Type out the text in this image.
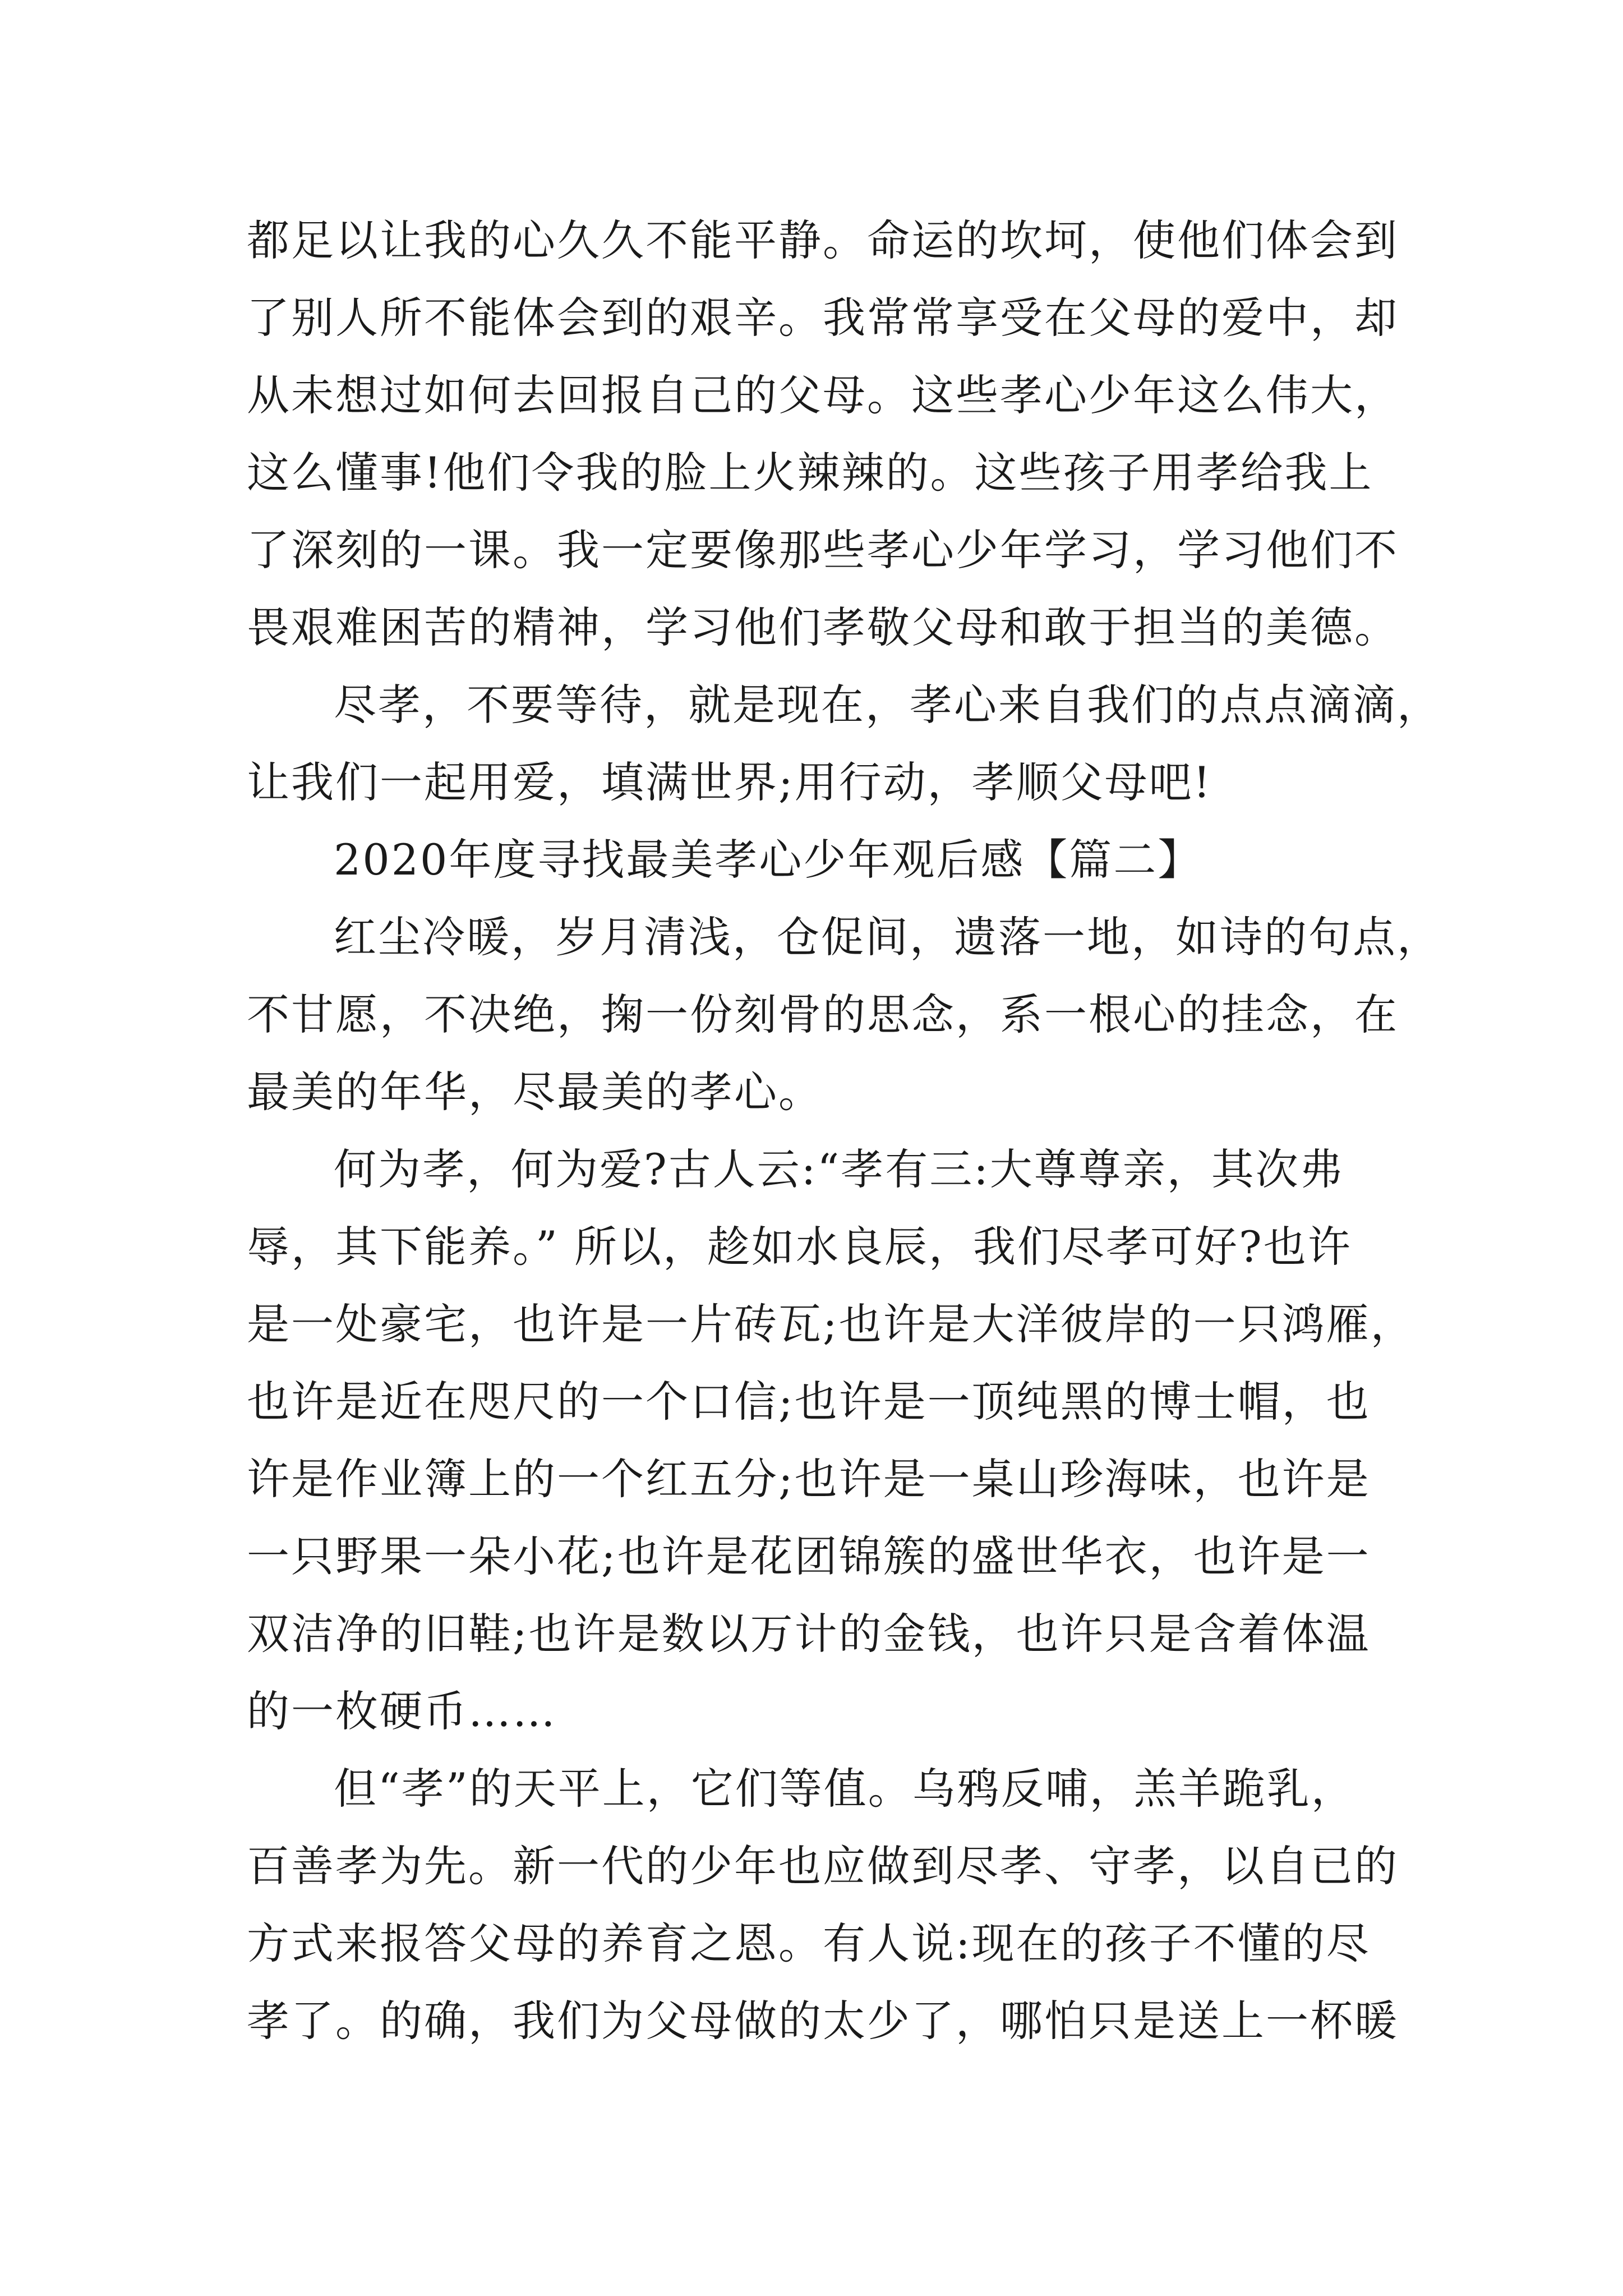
都足以让我的心久久不能平静。命运的坎坷，使他们体会到
了别人所不能体会到的艰辛。我常常享受在父母的爱中，却
从未想过如何去回报自己的父母。这些孝心少年这么伟大，
这么懂事!他们令我的脸上火辣辣的。这些孩子用孝给我上
了深刻的一课。我一定要像那些孝心少年学习，学习他们不
畏艰难困苦的精神，学习他们孝敬父母和敢于担当的美德。
尽孝，不要等待，就是现在，孝心来自我们的点点滴滴，
让我们一起用爱，填满世界;用行动，孝顺父母吧!
2020年度寻找最美孝心少年观后感【篇二】
红尘冷暖，岁月清浅，仓促间，遗落一地，如诗的句点，
不甘愿，不决绝，掬一份刻骨的思念，系一根心的挂念，在
最美的年华，尽最美的孝心。
何为孝，何为爱?古人云:“孝有三:大尊尊亲，其次弗
辱，其下能养。” 所以，趁如水良辰，我们尽孝可好?也许
是一处豪宅，也许是一片砖瓦;也许是大洋彼岸的一只鸿雁，
也许是近在咫尺的一个口信;也许是一顶纯黑的博士帽，也
许是作业簿上的一个红五分;也许是一桌山珍海味，也许是
一只野果一朵小花;也许是花团锦簇的盛世华衣，也许是一
双洁净的旧鞋;也许是数以万计的金钱，也许只是含着体温
的一枚硬币……
但“孝”的天平上，它们等值。乌鸦反哺，羔羊跪乳，
百善孝为先。新一代的少年也应做到尽孝、守孝，以自已的
方式来报答父母的养育之恩。有人说:现在的孩子不懂的尽
孝了。的确，我们为父母做的太少了，哪怕只是送上一杯暖
